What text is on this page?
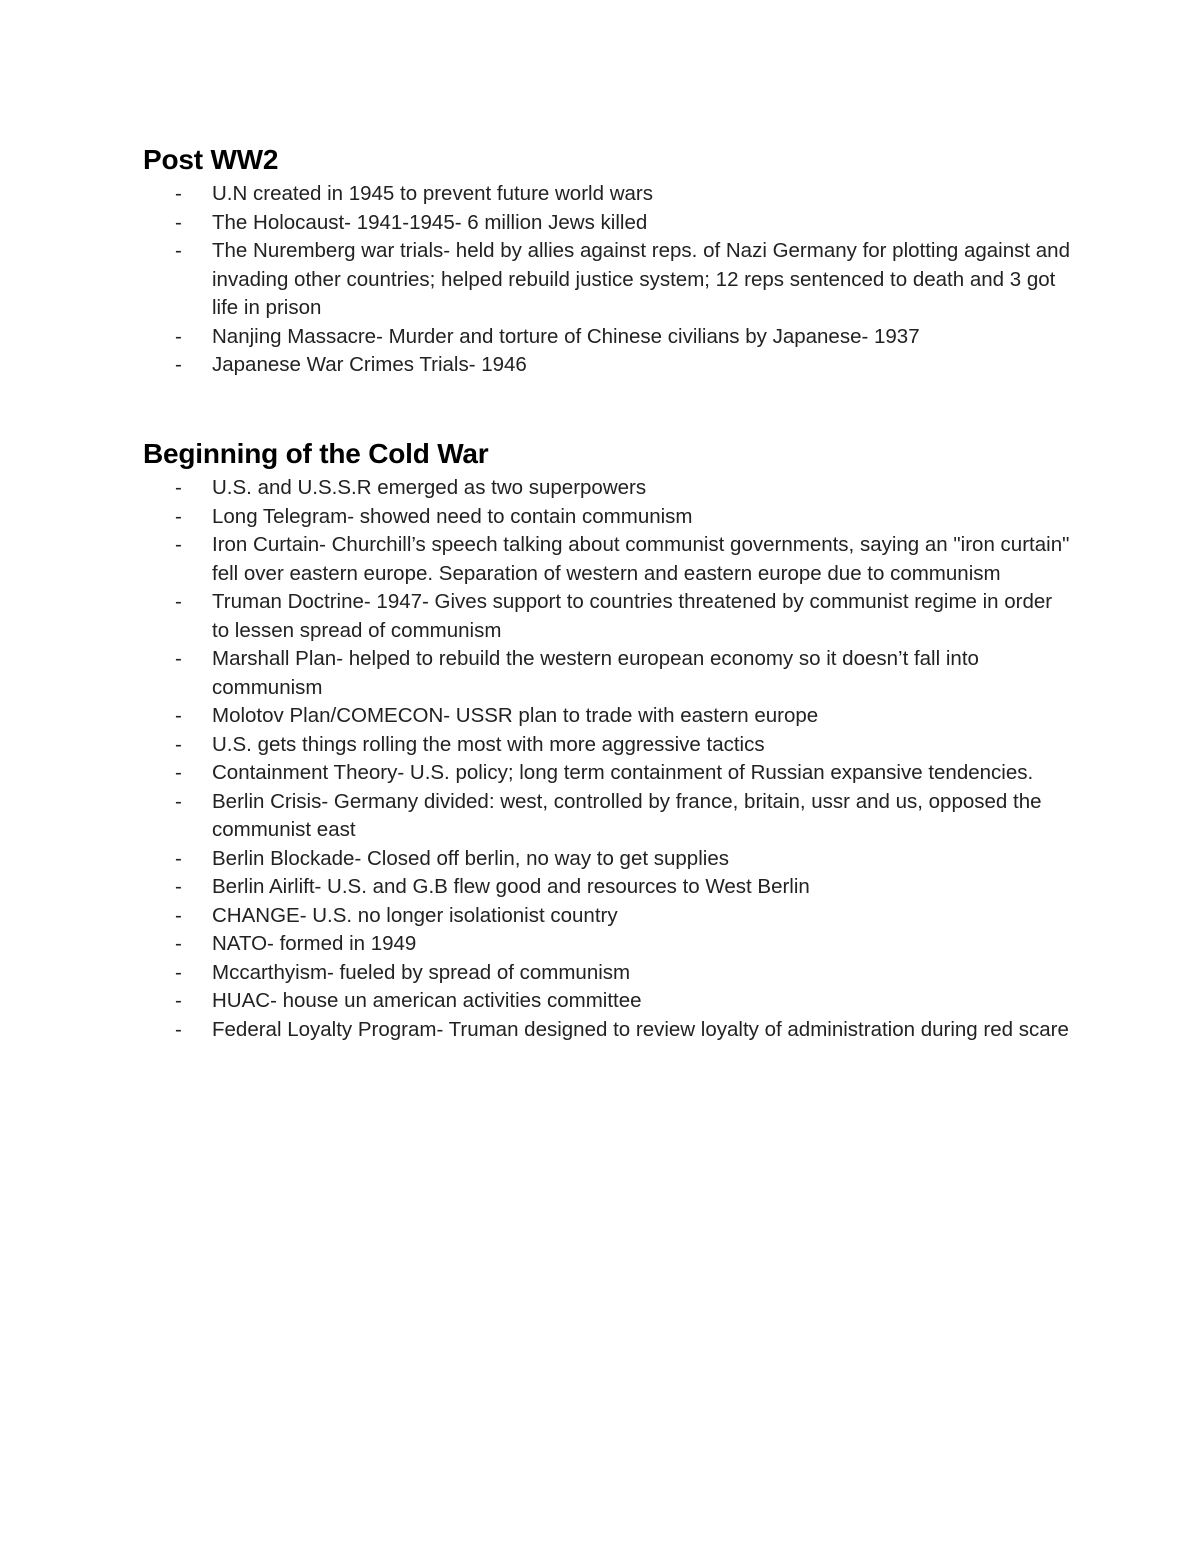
Post WW2
- U.N created in 1945 to prevent future world wars
- The Holocaust- 1941-1945- 6 million Jews killed
- The Nuremberg war trials- held by allies against reps. of Nazi Germany for plotting against and invading other countries; helped rebuild justice system; 12 reps sentenced to death and 3 got life in prison
- Nanjing Massacre- Murder and torture of Chinese civilians by Japanese- 1937
- Japanese War Crimes Trials- 1946
Beginning of the Cold War
- U.S. and U.S.S.R emerged as two superpowers
- Long Telegram- showed need to contain communism
- Iron Curtain- Churchill’s speech talking about communist governments, saying an "iron curtain" fell over eastern europe. Separation of western and eastern europe due to communism
- Truman Doctrine- 1947- Gives support to countries threatened by communist regime in order to lessen spread of communism
- Marshall Plan- helped to rebuild the western european economy so it doesn’t fall into communism
- Molotov Plan/COMECON- USSR plan to trade with eastern europe
- U.S. gets things rolling the most with more aggressive tactics
- Containment Theory- U.S. policy; long term containment of Russian expansive tendencies.
- Berlin Crisis- Germany divided: west, controlled by france, britain, ussr and us, opposed the communist east
- Berlin Blockade- Closed off berlin, no way to get supplies
- Berlin Airlift- U.S. and G.B flew good and resources to West Berlin
- CHANGE- U.S. no longer isolationist country
- NATO- formed in 1949
- Mccarthyism- fueled by spread of communism
- HUAC- house un american activities committee
- Federal Loyalty Program- Truman designed to review loyalty of administration during red scare
